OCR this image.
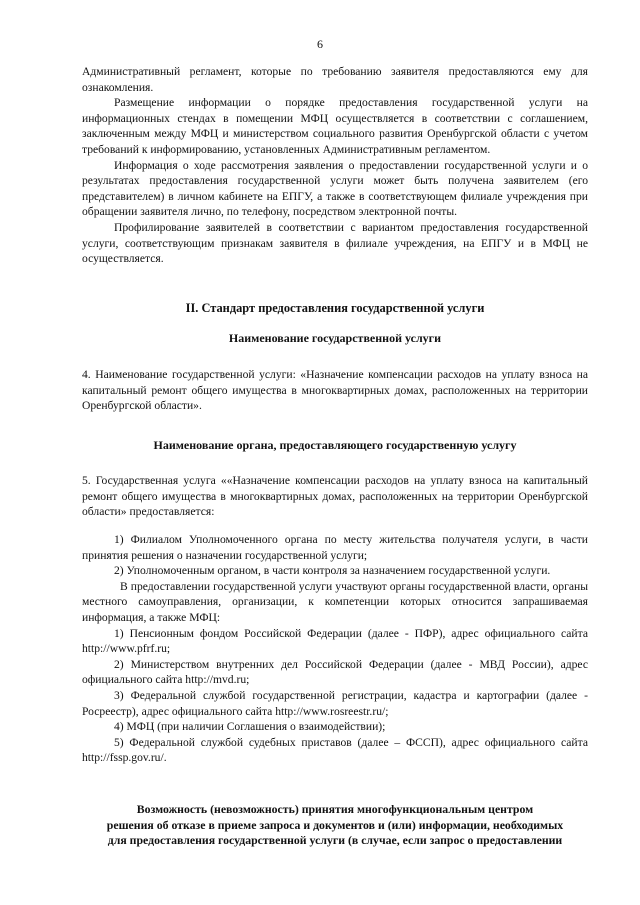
6

Административный регламент, которые по требованию заявителя предоставляются ему для ознакомления.

Размещение информации о порядке предоставления государственной услуги на информационных стендах в помещении МФЦ осуществляется в соответствии с соглашением, заключенным между МФЦ и министерством социального развития Оренбургской области с учетом требований к информированию, установленных Административным регламентом.

Информация о ходе рассмотрения заявления о предоставлении государственной услуги и о результатах предоставления государственной услуги может быть получена заявителем (его представителем) в личном кабинете на ЕПГУ, а также в соответствующем филиале учреждения при обращении заявителя лично, по телефону, посредством электронной почты.

Профилирование заявителей в соответствии с вариантом предоставления государственной услуги, соответствующим признакам заявителя в филиале учреждения, на ЕПГУ и в МФЦ не осуществляется.

II. Стандарт предоставления государственной услуги
Наименование государственной услуги

4. Наименование государственной услуги: «Назначение компенсации расходов на уплату взноса на капитальный ремонт общего имущества в многоквартирных домах, расположенных на территории Оренбургской области».

Наименование органа, предоставляющего государственную услугу

5. Государственная услуга ««Назначение компенсации расходов на уплату взноса на капитальный ремонт общего имущества в многоквартирных домах, расположенных на территории Оренбургской области» предоставляется:

1) Филиалом Уполномоченного органа по месту жительства получателя услуги, в части принятия решения о назначении государственной услуги;

2) Уполномоченным органом, в части контроля за назначением государственной услуги.

В предоставлении государственной услуги участвуют органы государственной власти, органы местного самоуправления, организации, к компетенции которых относится запрашиваемая информация, а также МФЦ:

1) Пенсионным фондом Российской Федерации (далее - ПФР), адрес официального сайта http://www.pfrf.ru;

2) Министерством внутренних дел Российской Федерации (далее - МВД России), адрес официального сайта http://mvd.ru;

3) Федеральной службой государственной регистрации, кадастра и картографии (далее - Росреестр), адрес официального сайта http://www.rosreestr.ru/;

4) МФЦ (при наличии Соглашения о взаимодействии);

5) Федеральной службой судебных приставов (далее – ФССП), адрес официального сайта http://fssp.gov.ru/.

Возможность (невозможность) принятия многофункциональным центром
решения об отказе в приеме запроса и документов и (или) информации, необходимых
для предоставления государственной услуги (в случае, если запрос о предоставлении
